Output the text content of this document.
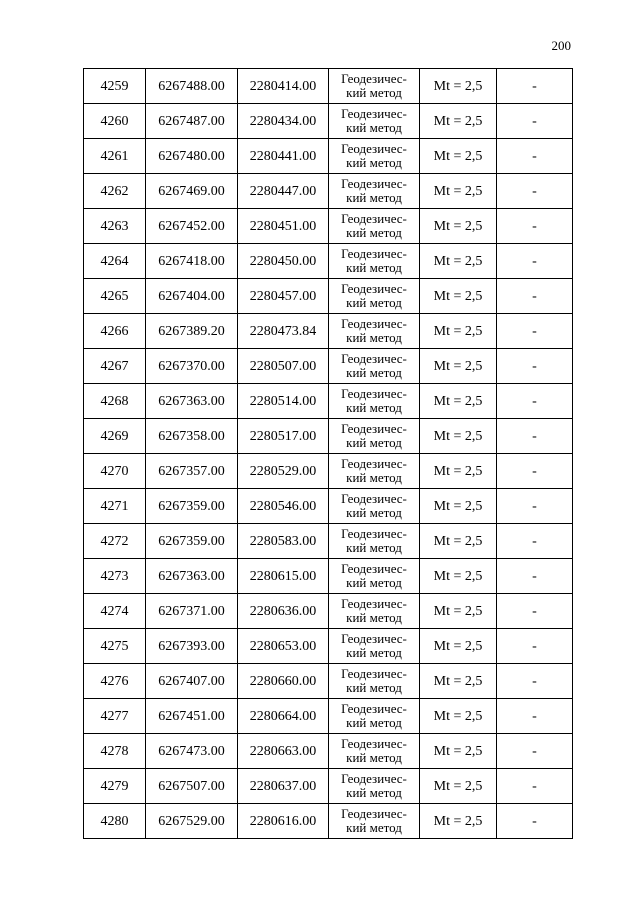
200
4259	6267488.00	2280414.00	Геодезичес-
кий метод	Mt = 2,5	-
4260	6267487.00	2280434.00	Геодезичес-
кий метод	Mt = 2,5	-
4261	6267480.00	2280441.00	Геодезичес-
кий метод	Mt = 2,5	-
4262	6267469.00	2280447.00	Геодезичес-
кий метод	Mt = 2,5	-
4263	6267452.00	2280451.00	Геодезичес-
кий метод	Mt = 2,5	-
4264	6267418.00	2280450.00	Геодезичес-
кий метод	Mt = 2,5	-
4265	6267404.00	2280457.00	Геодезичес-
кий метод	Mt = 2,5	-
4266	6267389.20	2280473.84	Геодезичес-
кий метод	Mt = 2,5	-
4267	6267370.00	2280507.00	Геодезичес-
кий метод	Mt = 2,5	-
4268	6267363.00	2280514.00	Геодезичес-
кий метод	Mt = 2,5	-
4269	6267358.00	2280517.00	Геодезичес-
кий метод	Mt = 2,5	-
4270	6267357.00	2280529.00	Геодезичес-
кий метод	Mt = 2,5	-
4271	6267359.00	2280546.00	Геодезичес-
кий метод	Mt = 2,5	-
4272	6267359.00	2280583.00	Геодезичес-
кий метод	Mt = 2,5	-
4273	6267363.00	2280615.00	Геодезичес-
кий метод	Mt = 2,5	-
4274	6267371.00	2280636.00	Геодезичес-
кий метод	Mt = 2,5	-
4275	6267393.00	2280653.00	Геодезичес-
кий метод	Mt = 2,5	-
4276	6267407.00	2280660.00	Геодезичес-
кий метод	Mt = 2,5	-
4277	6267451.00	2280664.00	Геодезичес-
кий метод	Mt = 2,5	-
4278	6267473.00	2280663.00	Геодезичес-
кий метод	Mt = 2,5	-
4279	6267507.00	2280637.00	Геодезичес-
кий метод	Mt = 2,5	-
4280	6267529.00	2280616.00	Геодезичес-
кий метод	Mt = 2,5	-
